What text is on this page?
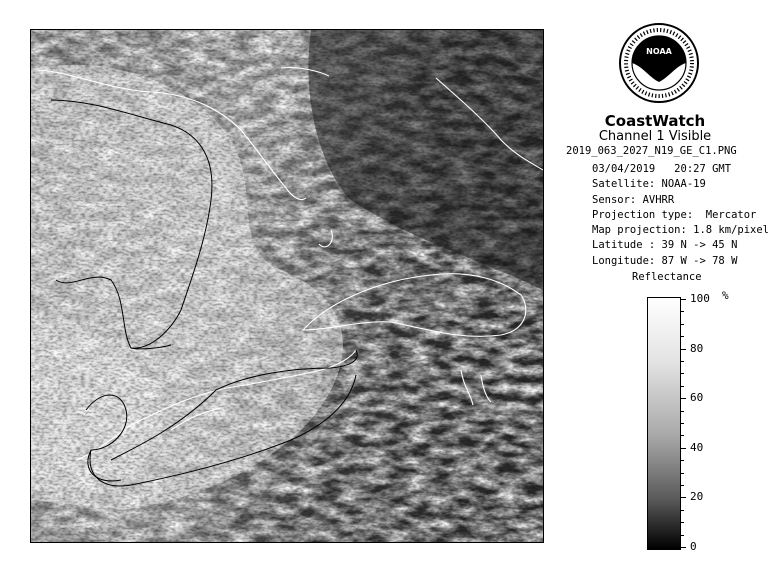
NOAA
CoastWatch
Channel 1 Visible
2019_063_2027_N19_GE_C1.PNG
03/04/2019   20:27 GMT
Satellite: NOAA-19
Sensor: AVHRR
Projection type:  Mercator
Map projection: 1.8 km/pixel
Latitude : 39 N -> 45 N
Longitude: 87 W -> 78 W
Reflectance
%
100
80
60
40
20
0
